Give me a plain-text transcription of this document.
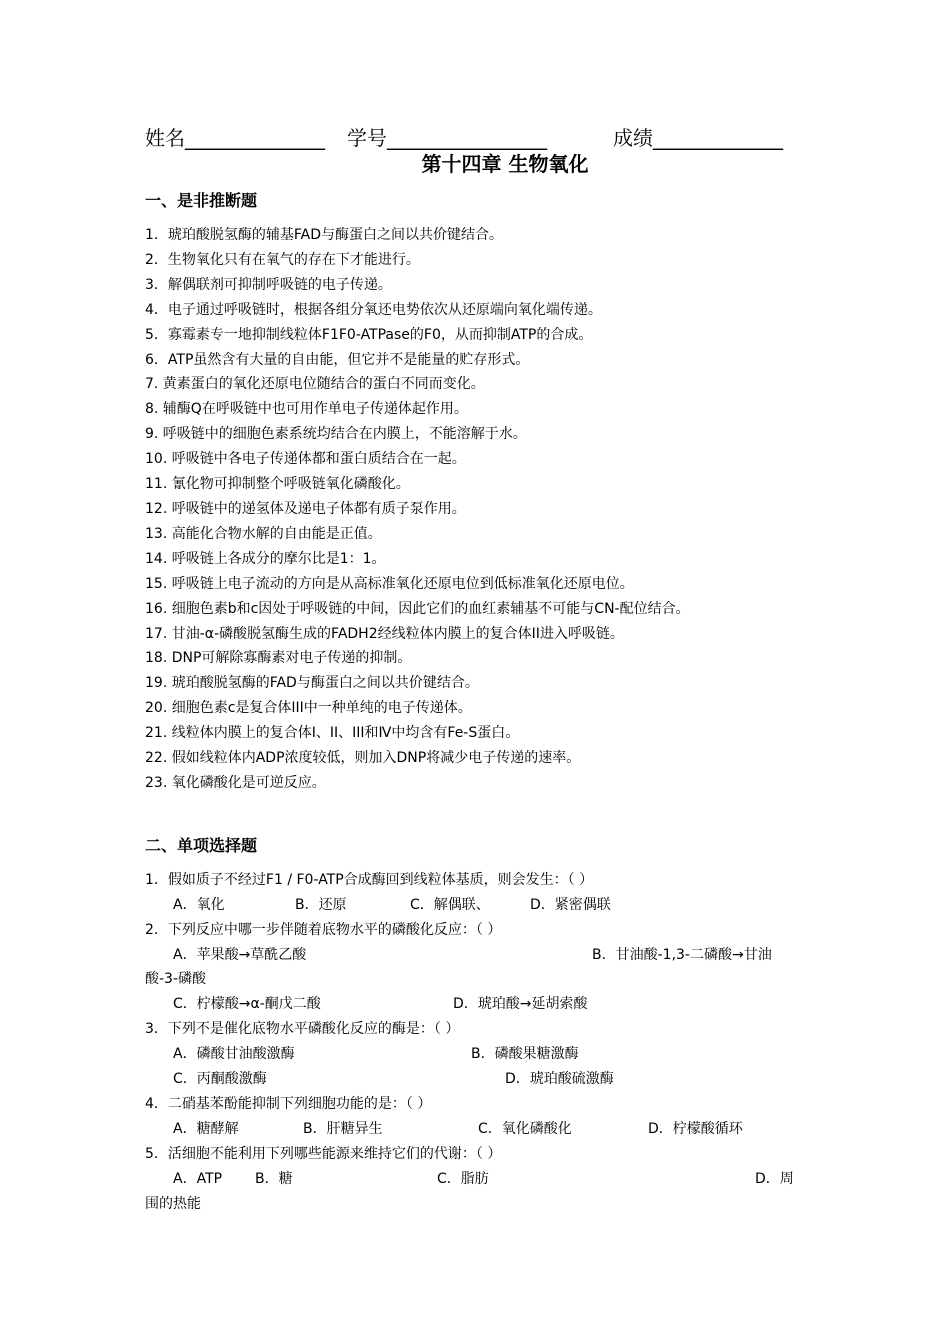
姓名______________ 学号________________	成绩_____________
第十四章 生物氧化
一、是非推断题
1．琥珀酸脱氢酶的辅基FAD与酶蛋白之间以共价键结合。
2．生物氧化只有在氧气的存在下才能进行。
3．解偶联剂可抑制呼吸链的电子传递。
4．电子通过呼吸链时，根据各组分氧还电势依次从还原端向氧化端传递。
5．寡霉素专一地抑制线粒体F1F0-ATPase的F0，从而抑制ATP的合成。
6．ATP虽然含有大量的自由能，但它并不是能量的贮存形式。
7. 黄素蛋白的氧化还原电位随结合的蛋白不同而变化。
8. 辅酶Q在呼吸链中也可用作单电子传递体起作用。
9. 呼吸链中的细胞色素系统均结合在内膜上，不能溶解于水。
10. 呼吸链中各电子传递体都和蛋白质结合在一起。
11. 氰化物可抑制整个呼吸链氧化磷酸化。
12. 呼吸链中的递氢体及递电子体都有质子泵作用。
13. 高能化合物水解的自由能是正值。
14. 呼吸链上各成分的摩尔比是1：1。
15. 呼吸链上电子流动的方向是从高标准氧化还原电位到低标准氧化还原电位。
16. 细胞色素b和c因处于呼吸链的中间，因此它们的血红素辅基不可能与CN-配位结合。
17. 甘油-α-磷酸脱氢酶生成的FADH2经线粒体内膜上的复合体II进入呼吸链。
18. DNP可解除寡酶素对电子传递的抑制。
19. 琥珀酸脱氢酶的FAD与酶蛋白之间以共价键结合。
20. 细胞色素c是复合体III中一种单纯的电子传递体。
21. 线粒体内膜上的复合体Ⅰ、II、III和Ⅳ中均含有Fe-S蛋白。
22. 假如线粒体内ADP浓度较低，则加入DNP将减少电子传递的速率。
23. 氧化磷酸化是可逆反应。
二、单项选择题
1．假如质子不经过F1 / F0-ATP合成酶回到线粒体基质，则会发生：（ ）
A．氧化	B．还原	C．解偶联、	D．紧密偶联
2．下列反应中哪一步伴随着底物水平的磷酸化反应：（ ）
A．苹果酸→草酰乙酸	B．甘油酸-1,3-二磷酸→甘油
酸-3-磷酸
C．柠檬酸→α-酮戊二酸	D．琥珀酸→延胡索酸
3．下列不是催化底物水平磷酸化反应的酶是：（ ）
A．磷酸甘油酸激酶	B．磷酸果糖激酶
C．丙酮酸激酶	D．琥珀酸硫激酶
4．二硝基苯酚能抑制下列细胞功能的是：（ ）
A．糖酵解	B．肝糖异生	C．氧化磷酸化	D．柠檬酸循环
5．活细胞不能利用下列哪些能源来维持它们的代谢：（ ）
A．ATP B．糖	C．脂肪	D．周
围的热能
